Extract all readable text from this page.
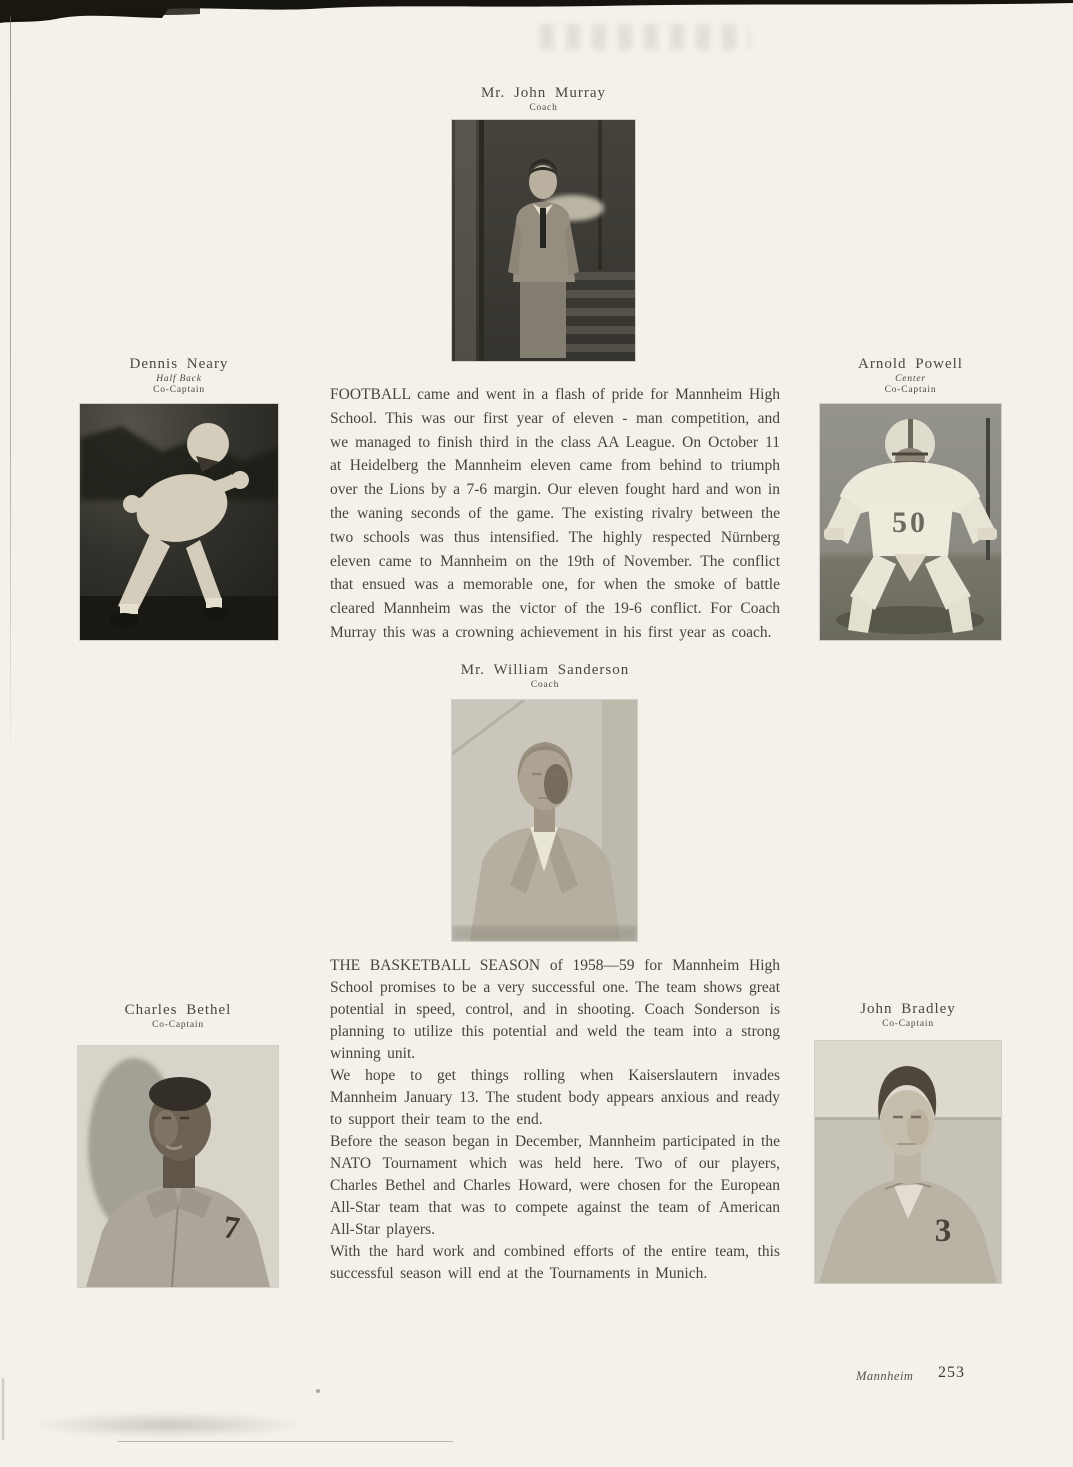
Mr. John Murray
Coach
Dennis Neary
Half Back
Co-Captain
Arnold Powell
Center
Co-Captain
50

FOOTBALL came and went in a flash of pride for Mannheim High School. This was our first year of eleven - man competition, and we managed to finish third in the class AA League. On October 11 at Heidelberg the Mannheim eleven came from behind to triumph over the Lions by a 7-6 margin. Our eleven fought hard and won in the waning seconds of the game. The existing rivalry between the two schools was thus intensified. The highly respected Nürnberg eleven came to Mannheim on the 19th of November. The conflict that ensued was a memorable one, for when the smoke of battle cleared Mannheim was the victor of the 19-6 conflict. For Coach Murray this was a crowning achievement in his first year as coach.

Mr. William Sanderson
Coach

THE BASKETBALL SEASON of 1958—59 for Mannheim High School promises to be a very successful one. The team shows great potential in speed, control, and in shooting. Coach Sonderson is planning to utilize this potential and weld the team into a strong winning unit.

We hope to get things rolling when Kaiserslautern invades Mannheim January 13. The student body appears anxious and ready to support their team to the end.

Before the season began in December, Mannheim participated in the NATO Tournament which was held here. Two of our players, Charles Bethel and Charles Howard, were chosen for the European All-Star team that was to compete against the team of American All-Star players.

With the hard work and combined efforts of the entire team, this successful season will end at the Tournaments in Munich.

Charles Bethel
Co-Captain
7
John Bradley
Co-Captain
3
Mannheim 253
